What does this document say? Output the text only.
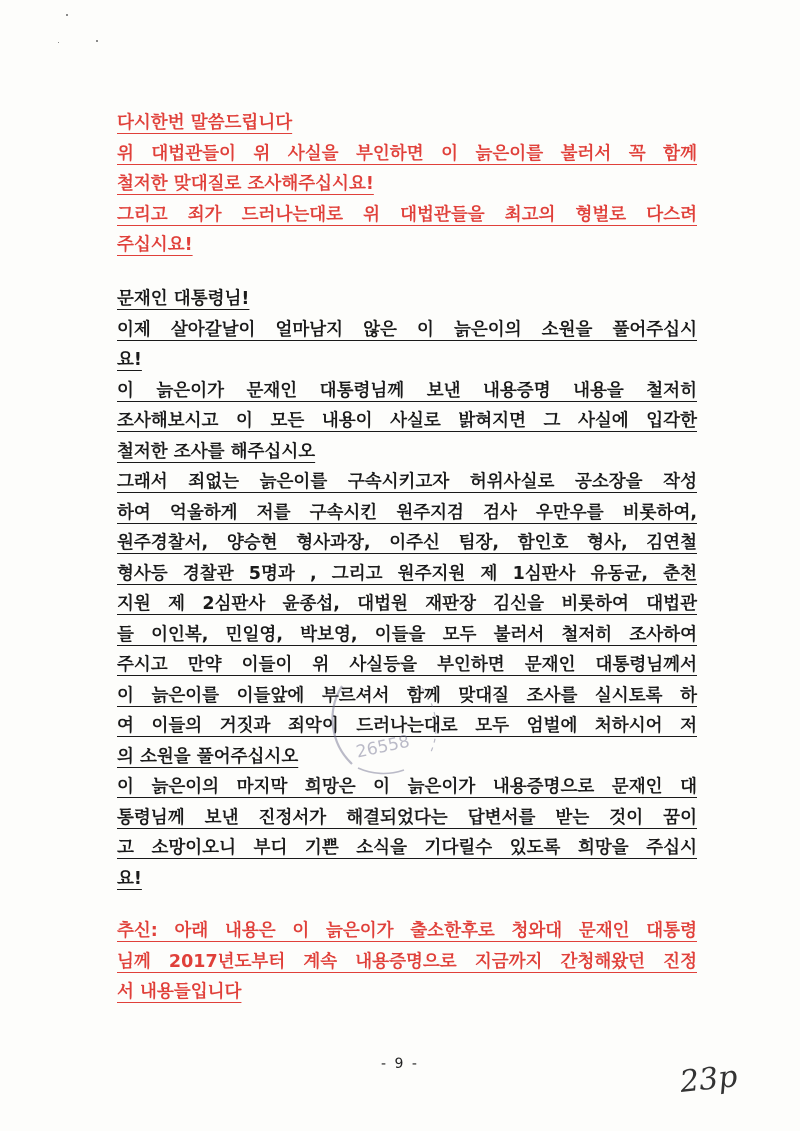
다시한번 말씀드립니다
위 대법관들이 위 사실을 부인하면 이 늙은이를 불러서 꼭 함께
철저한 맞대질로 조사해주십시요!
그리고 죄가 드러나는대로 위 대법관들을 최고의 형벌로 다스려
주십시요!
문재인 대통령님!
이제 살아갈날이 얼마남지 않은 이 늙은이의 소원을 풀어주십시
요!
이 늙은이가 문재인 대통령님께 보낸 내용증명 내용을 철저히
조사해보시고 이 모든 내용이 사실로 밝혀지면 그 사실에 입각한
철저한 조사를 해주십시오
그래서 죄없는 늙은이를 구속시키고자 허위사실로 공소장을 작성
하여 억울하게 저를 구속시킨 원주지검 검사 우만우를 비롯하여,
원주경찰서, 양승현 형사과장, 이주신 팀장, 함인호 형사, 김연철
형사등 경찰관 5명과 , 그리고 원주지원 제 1심판사 유동균, 춘천
지원 제 2심판사 윤종섭, 대법원 재판장 김신을 비롯하여 대법관
들 이인복, 민일영, 박보영, 이들을 모두 불러서 철저히 조사하여
주시고 만약 이들이 위 사실등을 부인하면 문재인 대통령님께서
이 늙은이를 이들앞에 부르셔서 함께 맞대질 조사를 실시토록 하
여 이들의 거짓과 죄악이 드러나는대로 모두 엄벌에 처하시어 저
의 소원을 풀어주십시오
이 늙은이의 마지막 희망은 이 늙은이가 내용증명으로 문재인 대
통령님께 보낸 진정서가 해결되었다는 답변서를 받는 것이 꿈이
고 소망이오니 부디 기쁜 소식을 기다릴수 있도록 희망을 주십시
요!
추신: 아래 내용은 이 늙은이가 출소한후로 청와대 문재인 대통령
님께 2017년도부터 계속 내용증명으로 지금까지 간청해왔던 진정
서 내용들입니다
26558
- 9 -	23p
